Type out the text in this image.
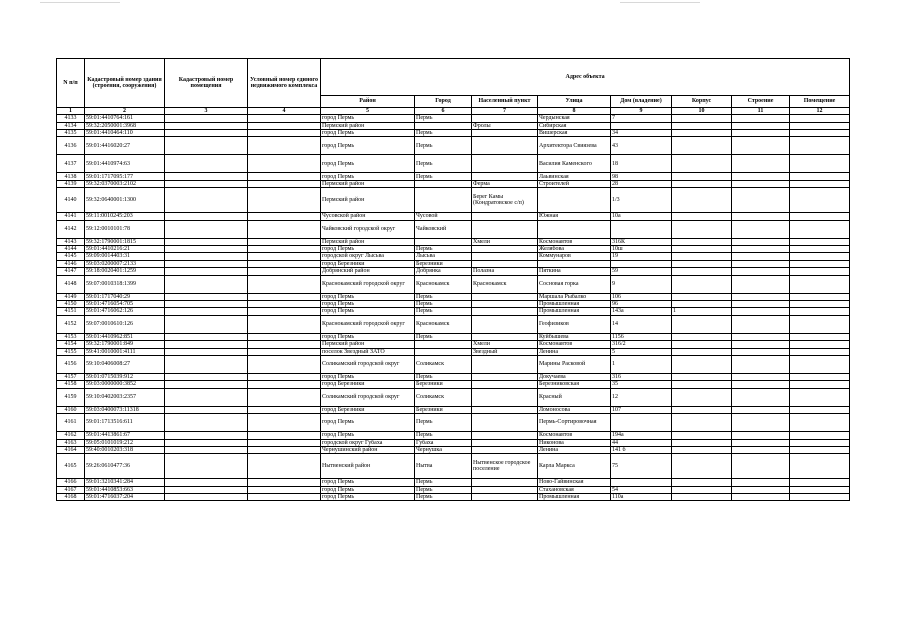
N п/п	Кадастровый номер здания (строения, сооружения)	Кадастровый номер помещения	Условный номер единого недвижимого комплекса	Адрес объекта							
				Район	Город	Населенный пункт	Улица	Дом (владение)	Корпус	Строение	Помещение
1	2	3	4	5	6	7	8	9	10	11	12
4133	59:01:4410764:161			город Пермь	Пермь		Чердынская	7			
4134	59:32:2050001:3968			Пермский район		Фролы	Сибирская				
4135	59:01:4410464:110			город Пермь	Пермь		Вишерская	34			
4136	59:01:4416020:27			город Пермь	Пермь		Архитектора Свиязева	43			
4137	59:01:4410974:63			город Пермь	Пермь		Василия Каменского	18			
4138	59:01:1717095:177			город Пермь	Пермь		Лаьвинская	98			
4139	59:32:0370003:2102			Пермский район		Ферма	Строителей	28			
4140	59:32:0640001:1300			Пермский район		Берег Камы (Кондратовское с/п)		1/3			
4141	59:11:0010245:203			Чусовской район	Чусовой		Южная	10а			
4142	59:12:0010101:78			Чайковский городской округ	Чайковский						
4143	59:32:1790001:1815			Пермский район		Хмели	Космонавтов	316К			
4144	59:01:4410216:21			город Пермь	Пермь		Желябова	10ш			
4145	59:09:0014403:31			городской округ Лысьва	Лысьва		Коммунаров	19			
4146	59:03:0200007:2133			город Березники	Березники						
4147	59:18:0020401:1259			Добрянский район	Добрянка	Полазна	Пяткина	59			
4148	59:07:0010318:1399			Краснокамский городской округ	Краснокамск	Краснокамск	Сосновая горка	9			
4149	59:01:1717040:29			город Пермь	Пермь		Маршала Рыбалко	106			
4150	59:01:4716054:705			город Пермь	Пермь		Промышленная	96			
4151	59:01:4716062:126			город Пермь	Пермь		Промышленная	143а	1		
4152	59:07:0010610:126			Краснокамский городской округ	Краснокамск		Геофизиков	14			
4153	59:01:4410962:851			город Пермь	Пермь		Куйбышева	1156			
4154	59:32:1790001:849			Пермский район		Хмели	Космонавтов	316/2			
4155	59:41:0010001:4111			поселок Звездный ЗАТО		Звездный	Ленина	5			
4156	59:10:0406008:27			Соликамский городской округ	Соликамск		Марины Расковой	1			
4157	59:01:0715039:912			город Пермь	Пермь		Докучаева	316			
4158	59:03:0000000:3852			город Березники	Березники		Березниковская	35			
4159	59:10:0402003:2357			Соликамский городской округ	Соликамск		Красный	12			
4160	59:03:0400073:11318			город Березники	Березники		Ломоносова	107			
4161	59:01:1713516:611			город Пермь	Пермь		Пермь-Сортировочная				
4162	59:01:4413861:67			город Пермь	Пермь		Космонавтов	194а			
4163	59:05:0101019:212			городской округ Губаха	Губаха		Никонова	44			
4164	59:40:0010203:318			Чернушинский район	Чернушка		Ленина	141 б			
4165	59:26:0610477:36			Нытвенский район	Нытва	Нытвенское городское поселение	Карла Маркса	75			
4166	59:01:3210341:284			город Пермь	Пермь		Ново-Гайвинская				
4167	59:01:4410853:663			город Пермь	Пермь		Стахановская	54			
4168	59:01:4716037:204			город Пермь	Пермь		Промышленная	110а			
